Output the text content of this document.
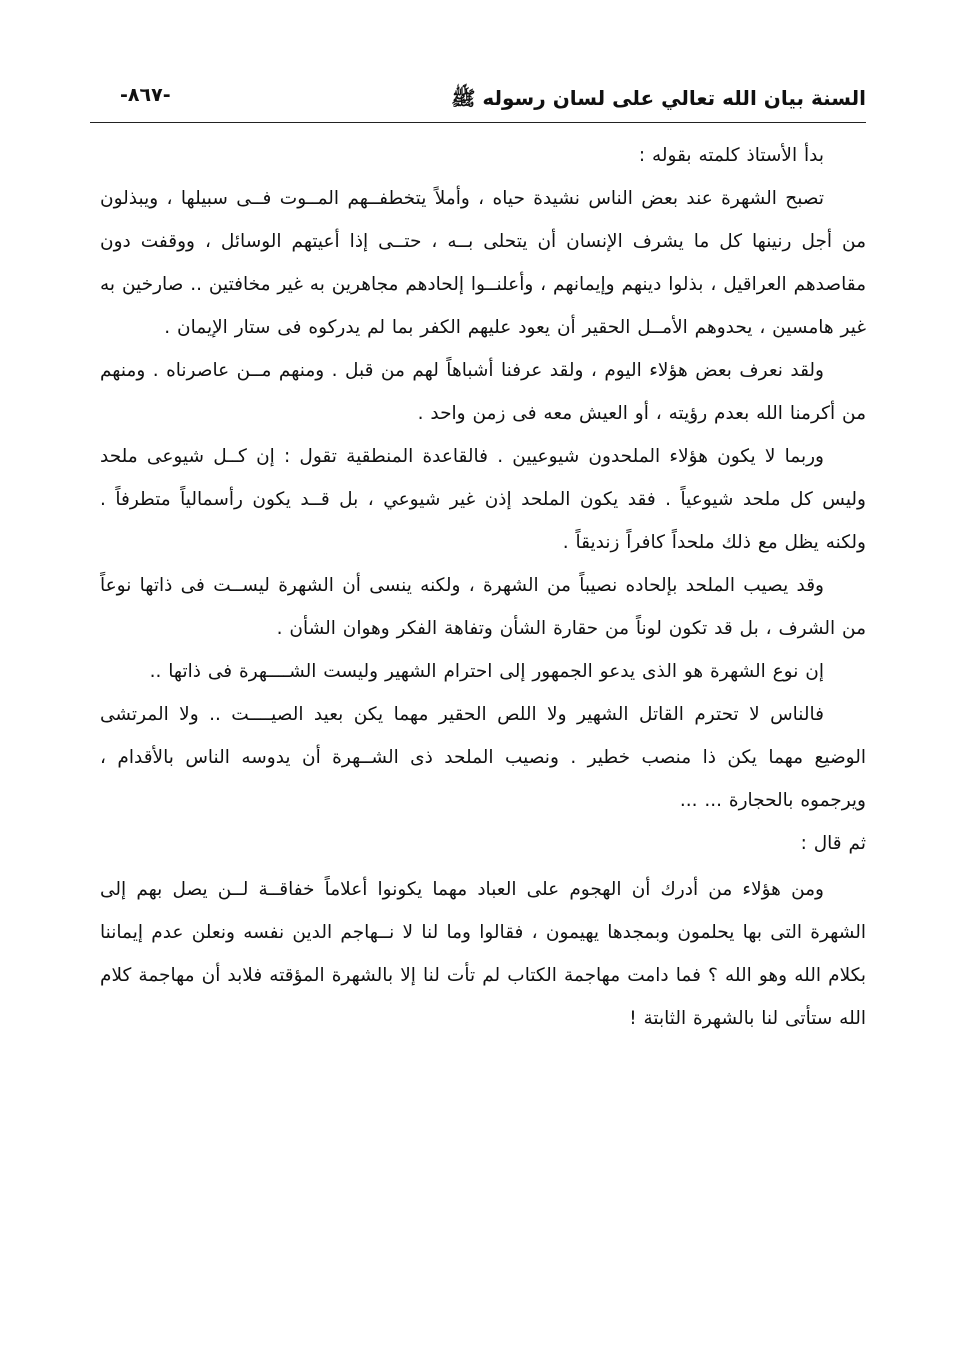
السنة بيان الله تعالي على لسان رسوله ﷺ
-٨٦٧-

بدأ الأستاذ كلمته بقوله :

تصبح الشهرة عند بعض الناس نشيدة حياه ، وأملاً يتخطفــهم المــوت فــى سبيلها ، ويبذلون من أجل رنينها كل ما يشرف الإنسان أن يتحلى بــه ، حتــى إذا أعيتهم الوسائل ، ووقفت دون مقاصدهم العراقيل ، بذلوا دينهم وإيمانهم ، وأعلنــوا إلحادهم مجاهرين به غير مخافتين .. صارخين به غير هامسين ، يحدوهم الأمــل الحقير أن يعود عليهم الكفر بما لم يدركوه فى ستار الإيمان .

ولقد نعرف بعض هؤلاء اليوم ، ولقد عرفنا أشباهاً لهم من قبل . ومنهم مــن عاصرناه . ومنهم من أكرمنا الله بعدم رؤيته ، أو العيش معه فى زمن واحد .

وربما لا يكون هؤلاء الملحدون شيوعيين . فالقاعدة المنطقية تقول : إن كــل شيوعى ملحد وليس كل ملحد شيوعياً . فقد يكون الملحد إذن غير شيوعي ، بل قــد يكون رأسمالياً متطرفاً . ولكنه يظل مع ذلك ملحداً كافراً زنديقاً .

وقد يصيب الملحد بإلحاده نصيباً من الشهرة ، ولكنه ينسى أن الشهرة ليســت فى ذاتها نوعاً من الشرف ، بل قد تكون لوناً من حقارة الشأن وتفاهة الفكر وهوان الشأن .

إن نوع الشهرة هو الذى يدعو الجمهور إلى احترام الشهير وليست الشــــهرة فى ذاتها ..

فالناس لا تحترم القاتل الشهير ولا اللص الحقير مهما يكن بعيد الصيــــت .. ولا المرتشى الوضيع مهما يكن ذا منصب خطير . ونصيب الملحد ذى الشــهرة أن يدوسه الناس بالأقدام ، ويرجموه بالحجارة ... ...

ثم قال :

ومن هؤلاء من أدرك أن الهجوم على العباد مهما يكونوا أعلاماً خفاقــة لــن يصل بهم إلى الشهرة التى بها يحلمون وبمجدها يهيمون ، فقالوا وما لنا لا نــهاجم الدين نفسه ونعلن عدم إيماننا بكلام الله وهو الله ؟ فما دامت مهاجمة الكتاب لم تأت لنا إلا بالشهرة المؤقته فلابد أن مهاجمة كلام الله ستأتى لنا بالشهرة الثابتة !
